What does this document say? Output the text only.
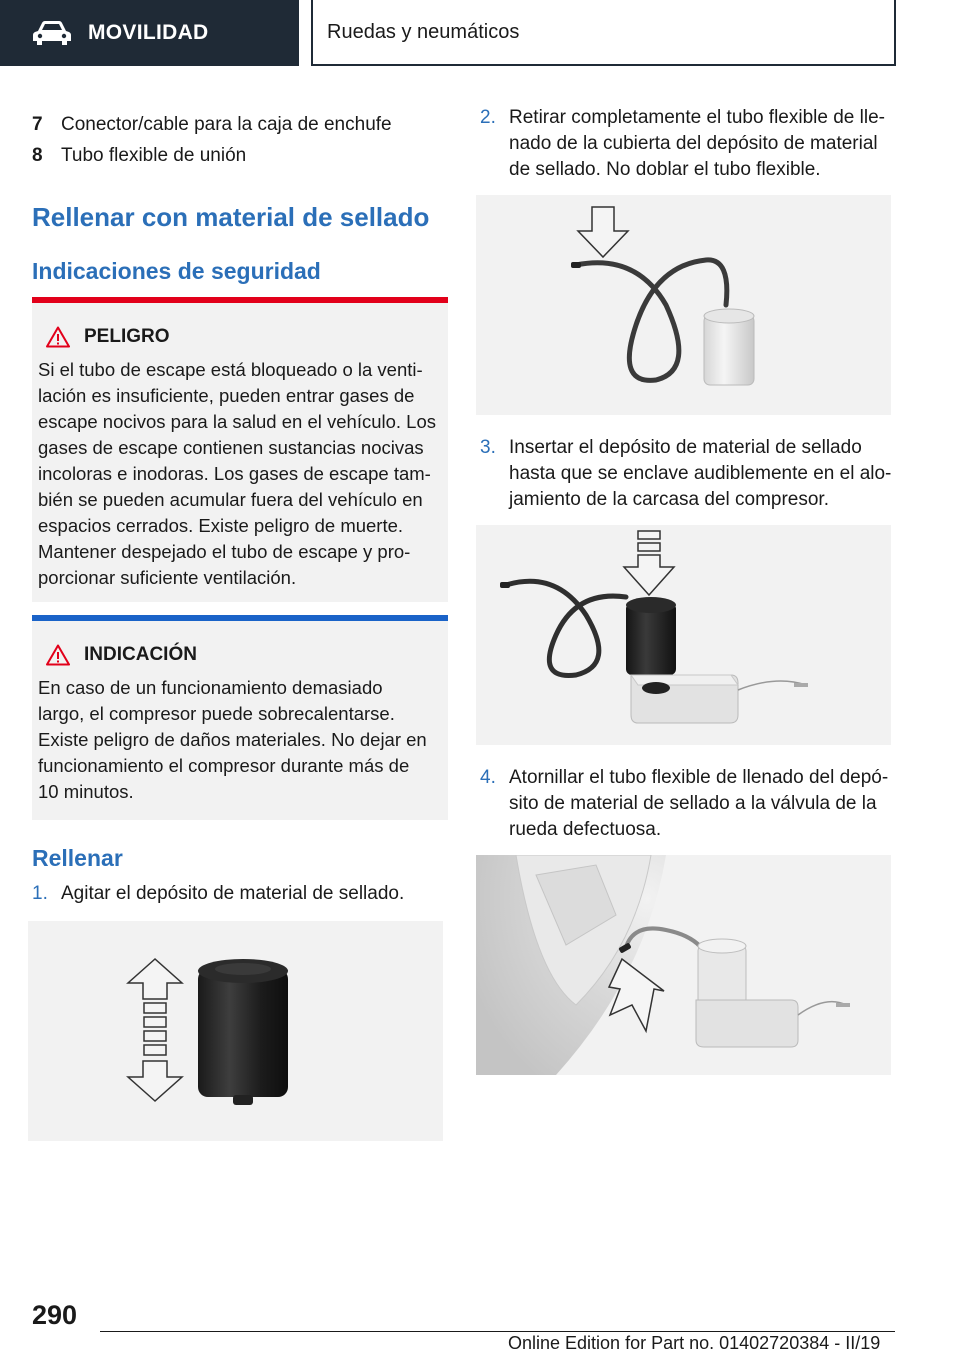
MOVILIDAD	Ruedas y neumáticos
7 Conector/cable para la caja de enchufe
8 Tubo flexible de unión
Rellenar con material de sellado
Indicaciones de seguridad
PELIGRO
Si el tubo de escape está bloqueado o la venti-
lación es insuficiente, pueden entrar gases de
escape nocivos para la salud en el vehículo. Los
gases de escape contienen sustancias nocivas
incoloras e inodoras. Los gases de escape tam-
bién se pueden acumular fuera del vehículo en
espacios cerrados. Existe peligro de muerte.
Mantener despejado el tubo de escape y pro-
porcionar suficiente ventilación.
INDICACIÓN
En caso de un funcionamiento demasiado
largo, el compresor puede sobrecalentarse.
Existe peligro de daños materiales. No dejar en
funcionamiento el compresor durante más de
10 minutos.
Rellenar
1. Agitar el depósito de material de sellado.
2. Retirar completamente el tubo flexible de lle-
nado de la cubierta del depósito de material
de sellado. No doblar el tubo flexible.
3. Insertar el depósito de material de sellado
hasta que se enclave audiblemente en el alo-
jamiento de la carcasa del compresor.
4. Atornillar el tubo flexible de llenado del depó-
sito de material de sellado a la válvula de la
rueda defectuosa.
290
Online Edition for Part no. 01402720384 - II/19
